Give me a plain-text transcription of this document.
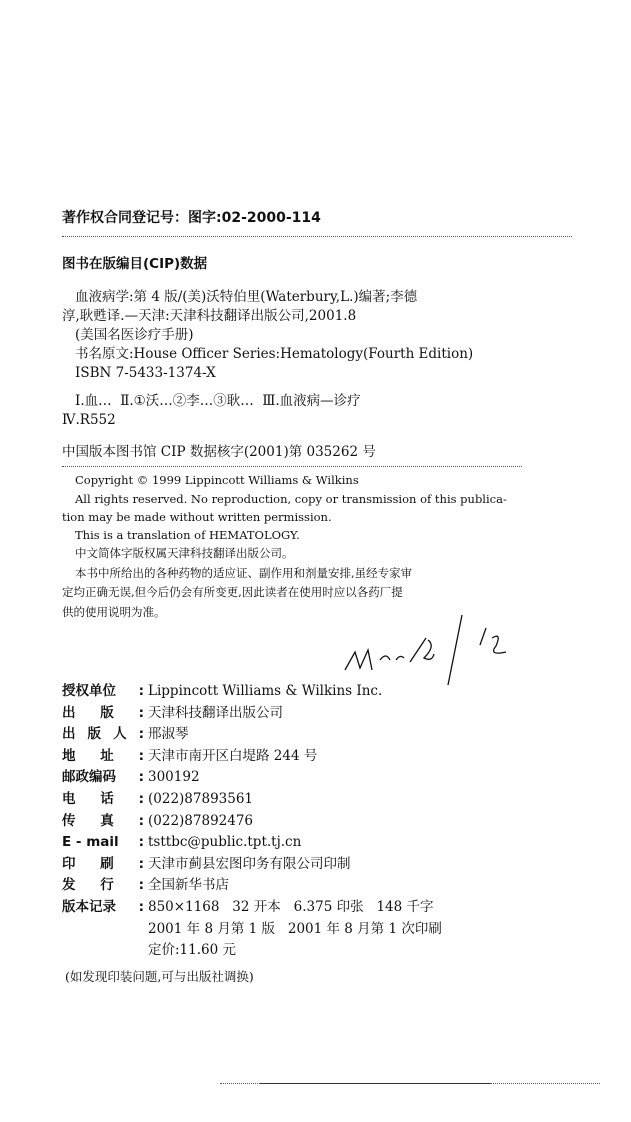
著作权合同登记号：图字:02-2000-114
图书在版编目(CIP)数据
血液病学:第 4 版/(美)沃特伯里(Waterbury,L.)编著;李德
淳,耿甦译.—天津:天津科技翻译出版公司,2001.8
(美国名医诊疗手册)
书名原文:House Officer Series:Hematology(Fourth Edition)
ISBN 7-5433-1374-X
Ⅰ.血…  Ⅱ.①沃…②李…③耿…  Ⅲ.血液病—诊疗
Ⅳ.R552
中国版本图书馆 CIP 数据核字(2001)第 035262 号
Copyright © 1999 Lippincott Williams & Wilkins
All rights reserved. No reproduction, copy or transmission of this publica-
tion may be made without written permission.
This is a translation of HEMATOLOGY.
中文简体字版权属天津科技翻译出版公司。
本书中所给出的各种药物的适应证、副作用和剂量安排,虽经专家审
定均正确无误,但今后仍会有所变更,因此读者在使用时应以各药厂提
供的使用说明为准。
授权单位 : Lippincott Williams & Wilkins Inc.
出 版 : 天津科技翻译出版公司
出 版 人 : 邢淑琴
地 址 : 天津市南开区白堤路 244 号
邮政编码 : 300192
电 话 : (022)87893561
传 真 : (022)87892476
E - mail : tsttbc@public.tpt.tj.cn
印 刷 : 天津市蓟县宏图印务有限公司印制
发 行 : 全国新华书店
版本记录 : 850×1168   32 开本   6.375 印张   148 千字
2001 年 8 月第 1 版   2001 年 8 月第 1 次印刷
定价:11.60 元
(如发现印装问题,可与出版社调换)
